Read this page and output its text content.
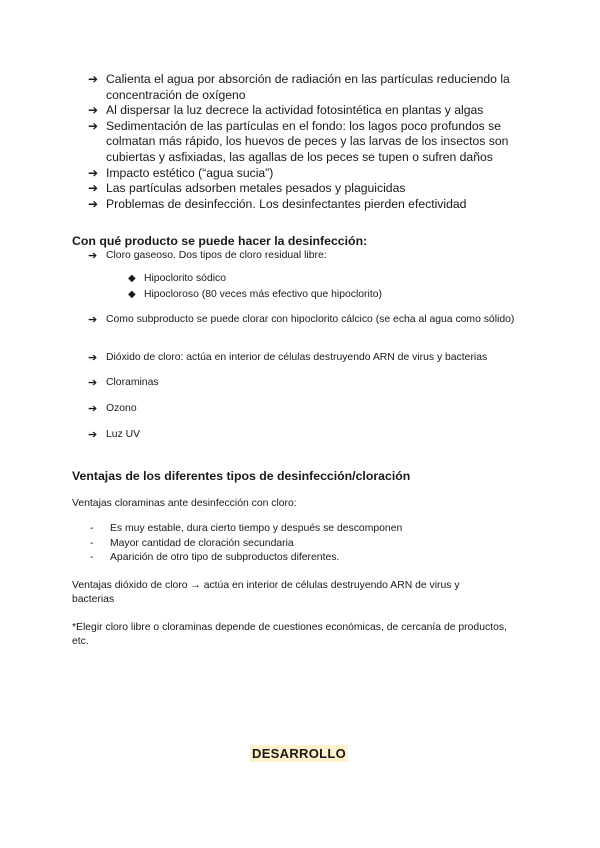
➔ Calienta el agua por absorción de radiación en las partículas reduciendo la concentración de oxígeno
➔ Al dispersar la luz decrece la actividad fotosintética en plantas y algas
➔ Sedimentación de las partículas en el fondo: los lagos poco profundos se colmatan más rápido, los huevos de peces y las larvas de los insectos son cubiertas y asfixiadas, las agallas de los peces se tupen o sufren daños
➔ Impacto estético (“agua sucia”)
➔ Las partículas adsorben metales pesados y plaguicidas
➔ Problemas de desinfección. Los desinfectantes pierden efectividad
Con qué producto se puede hacer la desinfección:
➔ Cloro gaseoso. Dos tipos de cloro residual libre:
◆ Hipoclorito sódico
◆ Hipocloroso (80 veces más efectivo que hipoclorito)
➔ Como subproducto se puede clorar con hipoclorito cálcico (se echa al agua como sólido)
➔ Dióxido de cloro: actúa en interior de células destruyendo ARN de virus y bacterias
➔ Cloraminas
➔ Ozono
➔ Luz UV
Ventajas de los diferentes tipos de desinfección/cloración
Ventajas cloraminas ante desinfección con cloro:
-	Es muy estable, dura cierto tiempo y después se descomponen
-	Mayor cantidad de cloración secundaria
-	Aparición de otro tipo de subproductos diferentes.
Ventajas dióxido de cloro → actúa en interior de células destruyendo ARN de virus y bacterias
*Elegir cloro libre o cloraminas depende de cuestiones económicas, de cercanía de productos, etc.
DESARROLLO
